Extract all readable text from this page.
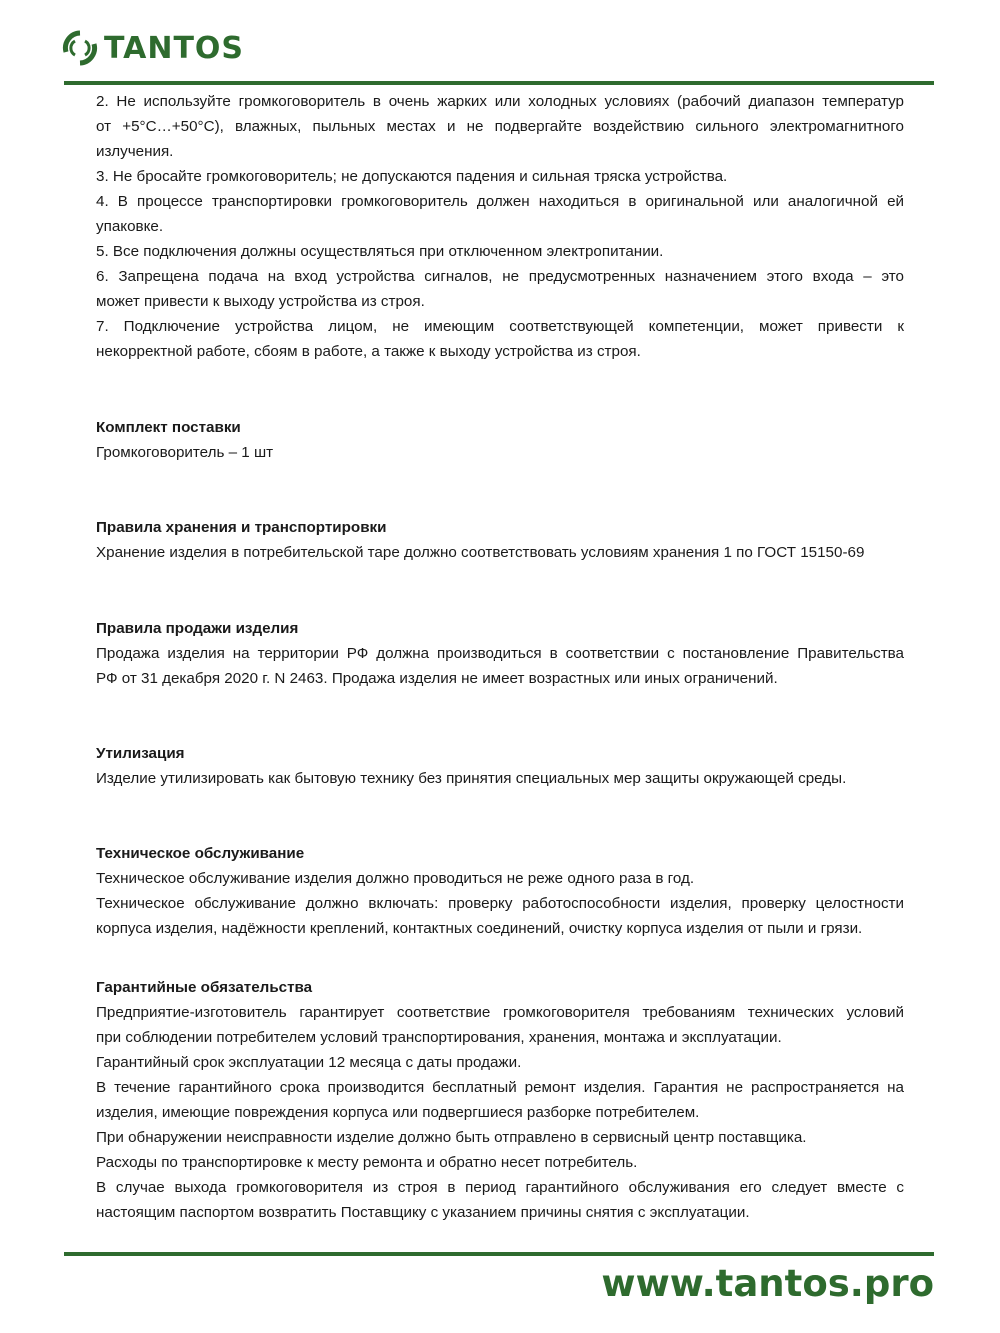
TANTOS
2. Не используйте громкоговоритель в очень жарких или холодных условиях (рабочий диапазон температур
от +5°С…+50°С), влажных, пыльных местах и не подвергайте воздействию сильного электромагнитного
излучения.
3. Не бросайте громкоговоритель; не допускаются падения и сильная тряска устройства.
4. В процессе транспортировки громкоговоритель должен находиться в оригинальной или аналогичной ей
упаковке.
5. Все подключения должны осуществляться при отключенном электропитании.
6. Запрещена подача на вход устройства сигналов, не предусмотренных назначением этого входа – это
может привести к выходу устройства из строя.
7. Подключение устройства лицом, не имеющим соответствующей компетенции, может привести к
некорректной работе, сбоям в работе, а также к выходу устройства из строя.
Комплект поставки
Громкоговоритель – 1 шт
Правила хранения и транспортировки
Хранение изделия в потребительской таре должно соответствовать условиям хранения 1 по ГОСТ 15150-69
Правила продажи изделия
Продажа изделия на территории РФ должна производиться в соответствии с постановление Правительства
РФ от 31 декабря 2020 г. N 2463. Продажа изделия не имеет возрастных или иных ограничений.
Утилизация
Изделие утилизировать как бытовую технику без принятия специальных мер защиты окружающей среды.
Техническое обслуживание
Техническое обслуживание изделия должно проводиться не реже одного раза в год.
Техническое обслуживание должно включать: проверку работоспособности изделия, проверку целостности
корпуса изделия, надёжности креплений, контактных соединений, очистку корпуса изделия от пыли и грязи.
Гарантийные обязательства
Предприятие-изготовитель гарантирует соответствие громкоговорителя требованиям технических условий
при соблюдении потребителем условий транспортирования, хранения, монтажа и эксплуатации.
Гарантийный срок эксплуатации 12 месяца с даты продажи.
В течение гарантийного срока производится бесплатный ремонт изделия. Гарантия не распространяется на
изделия, имеющие повреждения корпуса или подвергшиеся разборке потребителем.
При обнаружении неисправности изделие должно быть отправлено в сервисный центр поставщика.
Расходы по транспортировке к месту ремонта и обратно несет потребитель.
В случае выхода громкоговорителя из строя в период гарантийного обслуживания его следует вместе с
настоящим паспортом возвратить Поставщику с указанием причины снятия с эксплуатации.
www.tantos.pro
